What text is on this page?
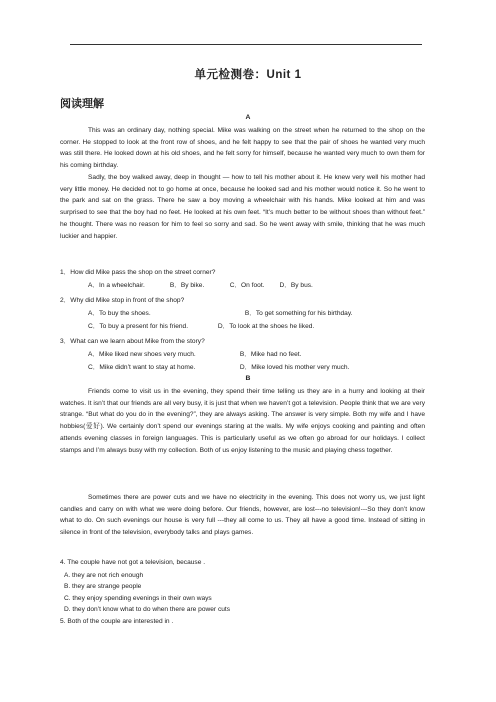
单元检测卷：Unit 1
阅读理解
A

This was an ordinary day, nothing special. Mike was walking on the street when he returned to the shop on the corner. He stopped to look at the front row of shoes, and he felt happy to see that the pair of shoes he wanted very much was still there. He looked down at his old shoes, and he felt sorry for himself, because he wanted very much to own them for his coming birthday.

Sadly, the boy walked away, deep in thought — how to tell his mother about it. He knew very well his mother had very little money. He decided not to go home at once, because he looked sad and his mother would notice it. So he went to the park and sat on the grass. There he saw a boy moving a wheelchair with his hands. Mike looked at him and was surprised to see that the boy had no feet. He looked at his own feet. “It’s much better to be without shoes than without feet.” he thought. There was no reason for him to feel so sorry and sad. So he went away with smile, thinking that he was much luckier and happier.

1．How did Mike pass the shop on the street corner?
A．In a wheelchair.	B．By bike.	C．On foot. D．By bus.
2．Why did Mike stop in front of the shop?
A．To buy the shoes.	B．To get something for his birthday.
C．To buy a present for his friend.	D．To look at the shoes he liked.
3．What can we learn about Mike from the story?
A．Mike liked new shoes very much.	B．Mike had no feet.
C．Mike didn’t want to stay at home.	D．Mike loved his mother very much.
B

Friends come to visit us in the evening, they spend their time telling us they are in a hurry and looking at their watches. It isn’t that our friends are all very busy, it is just that when we haven’t got a television. People think that we are very strange. “But what do you do in the evening?”, they are always asking. The answer is very simple. Both my wife and I have hobbies(爱好). We certainly don’t spend our evenings staring at the walls. My wife enjoys cooking and painting and often attends evening classes in foreign languages. This is particularly useful as we often go abroad for our holidays. I collect stamps and I’m always busy with my collection. Both of us enjoy listening to the music and playing chess together.

Sometimes there are power cuts and we have no electricity in the evening. This does not worry us, we just light candles and carry on with what we were doing before. Our friends, however, are lost---no television!---So they don’t know what to do. On such evenings our house is very full ---they all come to us. They all have a good time. Instead of sitting in silence in front of the television, everybody talks and plays games.

4. The couple have not got a television, because .
A. they are not rich enough
B. they are strange people
C. they enjoy spending evenings in their own ways
D. they don’t know what to do when there are power cuts
5. Both of the couple are interested in .
